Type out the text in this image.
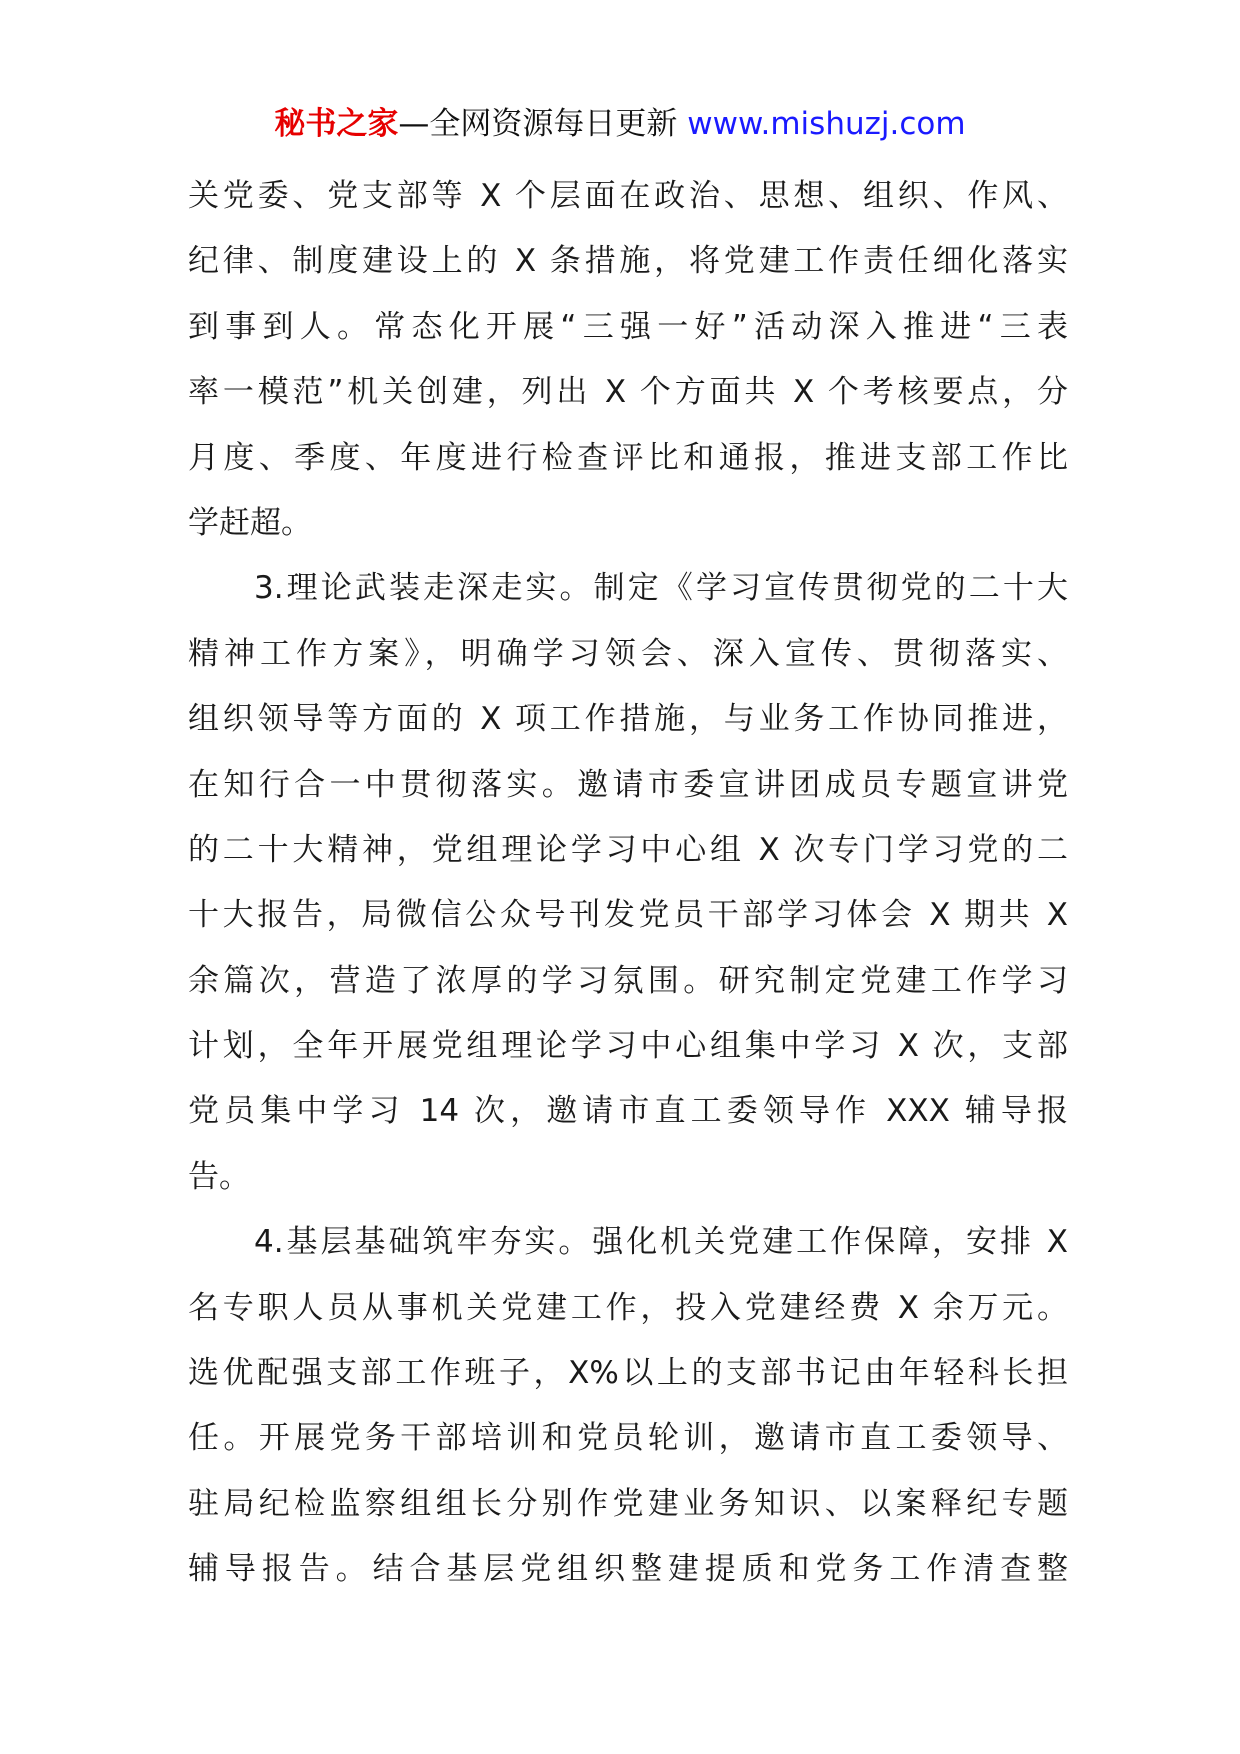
秘书之家—全网资源每日更新 www.mishuzj.com
关党委、党支部等 X 个层面在政治、思想、组织、作风、
纪律、制度建设上的 X 条措施，将党建工作责任细化落实
到事到人。常态化开展“三强一好”活动深入推进“三表
率一模范”机关创建，列出 X 个方面共 X 个考核要点，分
月度、季度、年度进行检查评比和通报，推进支部工作比
学赶超。
3.理论武装走深走实。制定《学习宣传贯彻党的二十大
精神工作方案》，明确学习领会、深入宣传、贯彻落实、
组织领导等方面的 X 项工作措施，与业务工作协同推进，
在知行合一中贯彻落实。邀请市委宣讲团成员专题宣讲党
的二十大精神，党组理论学习中心组 X 次专门学习党的二
十大报告，局微信公众号刊发党员干部学习体会 X 期共 X
余篇次，营造了浓厚的学习氛围。研究制定党建工作学习
计划，全年开展党组理论学习中心组集中学习 X 次，支部
党员集中学习 14 次，邀请市直工委领导作 XXX 辅导报
告。
4.基层基础筑牢夯实。强化机关党建工作保障，安排 X
名专职人员从事机关党建工作，投入党建经费 X 余万元。
选优配强支部工作班子，X%以上的支部书记由年轻科长担
任。开展党务干部培训和党员轮训，邀请市直工委领导、
驻局纪检监察组组长分别作党建业务知识、以案释纪专题
辅导报告。结合基层党组织整建提质和党务工作清查整
